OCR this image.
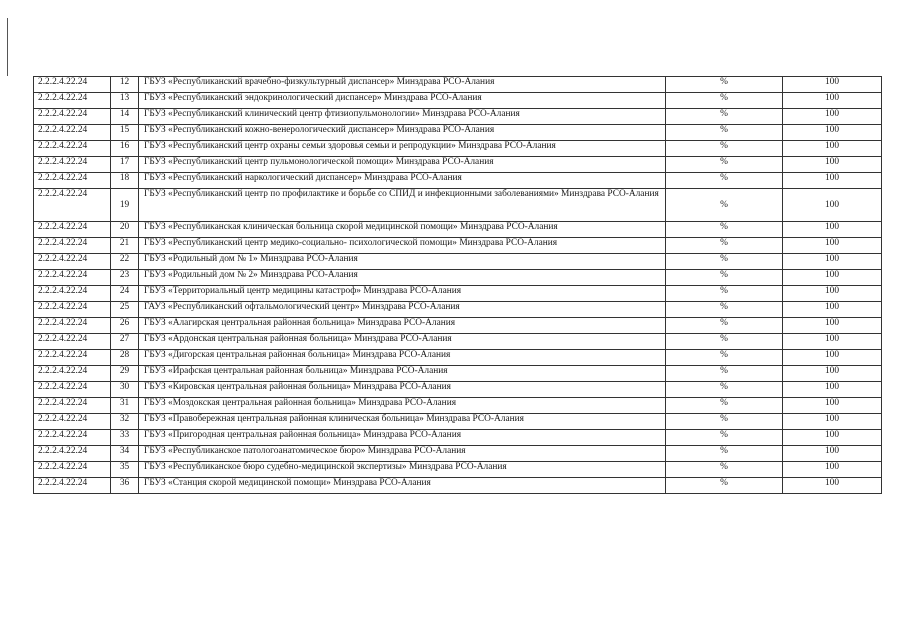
2.2.2.4.22.24	12	ГБУЗ «Республиканский врачебно-физкультурный диспансер» Минздрава РСО-Алания	%	100
2.2.2.4.22.24	13	ГБУЗ «Республиканский эндокринологический диспансер» Минздрава РСО-Алания	%	100
2.2.2.4.22.24	14	ГБУЗ «Республиканский клинический центр фтизиопульмонологии» Минздрава РСО-Алания	%	100
2.2.2.4.22.24	15	ГБУЗ «Республиканский кожно-венерологический диспансер» Минздрава РСО-Алания	%	100
2.2.2.4.22.24	16	ГБУЗ «Республиканский центр охраны семьи здоровья семьи и репродукции» Минздрава РСО-Алания	%	100
2.2.2.4.22.24	17	ГБУЗ «Республиканский центр пульмонологической помощи» Минздрава РСО-Алания	%	100
2.2.2.4.22.24	18	ГБУЗ «Республиканский наркологический диспансер» Минздрава РСО-Алания	%	100
2.2.2.4.22.24	19	ГБУЗ «Республиканский центр по профилактике и борьбе со СПИД и инфекционными заболеваниями» Минздрава РСО-Алания	%	100
2.2.2.4.22.24	20	ГБУЗ «Республиканская клиническая больница скорой медицинской помощи» Минздрава РСО-Алания	%	100
2.2.2.4.22.24	21	ГБУЗ «Республиканский центр медико-социально- психологической помощи» Минздрава РСО-Алания	%	100
2.2.2.4.22.24	22	ГБУЗ «Родильный дом № 1» Минздрава РСО-Алания	%	100
2.2.2.4.22.24	23	ГБУЗ «Родильный дом № 2» Минздрава РСО-Алания	%	100
2.2.2.4.22.24	24	ГБУЗ «Территориальный центр медицины катастроф» Минздрава РСО-Алания	%	100
2.2.2.4.22.24	25	ГАУЗ «Республиканский офтальмологический центр» Минздрава РСО-Алания	%	100
2.2.2.4.22.24	26	ГБУЗ «Алагирская центральная районная больница» Минздрава РСО-Алания	%	100
2.2.2.4.22.24	27	ГБУЗ «Ардонская центральная районная больница» Минздрава РСО-Алания	%	100
2.2.2.4.22.24	28	ГБУЗ «Дигорская центральная районная больница» Минздрава РСО-Алания	%	100
2.2.2.4.22.24	29	ГБУЗ «Ирафская центральная районная больница» Минздрава РСО-Алания	%	100
2.2.2.4.22.24	30	ГБУЗ «Кировская центральная районная больница» Минздрава РСО-Алания	%	100
2.2.2.4.22.24	31	ГБУЗ «Моздокская центральная районная больница» Минздрава РСО-Алания	%	100
2.2.2.4.22.24	32	ГБУЗ «Правобережная центральная районная клиническая больница» Минздрава РСО-Алания	%	100
2.2.2.4.22.24	33	ГБУЗ «Пригородная центральная районная больница» Минздрава РСО-Алания	%	100
2.2.2.4.22.24	34	ГБУЗ «Республиканское патологоанатомическое бюро» Минздрава РСО-Алания	%	100
2.2.2.4.22.24	35	ГБУЗ «Республиканское бюро судебно-медицинской экспертизы» Минздрава РСО-Алания	%	100
2.2.2.4.22.24	36	ГБУЗ «Станция скорой медицинской помощи» Минздрава РСО-Алания	%	100
